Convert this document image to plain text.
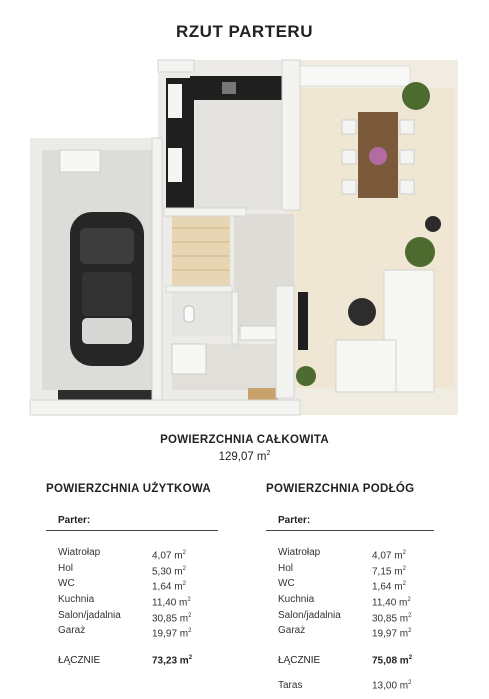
RZUT PARTERU
POWIERZCHNIA CAŁKOWITA
129,07 $m^2$
POWIERZCHNIA UŻYTKOWA
Parter:
Wiatrołap	4,07 $m^2$
Hol	5,30 $m^2$
WC	1,64 $m^2$
Kuchnia	11,40 $m^2$
Salon/jadalnia	30,85 $m^2$
Garaż	19,97 $m^2$
ŁĄCZNIE	73,23 $m^2$
POWIERZCHNIA PODŁÓG
Parter:
Wiatrołap	4,07 $m^2$
Hol	7,15 $m^2$
WC	1,64 $m^2$
Kuchnia	11,40 $m^2$
Salon/jadalnia	30,85 $m^2$
Garaż	19,97 $m^2$
ŁĄCZNIE	75,08 $m^2$
Taras	13,00 $m^2$
